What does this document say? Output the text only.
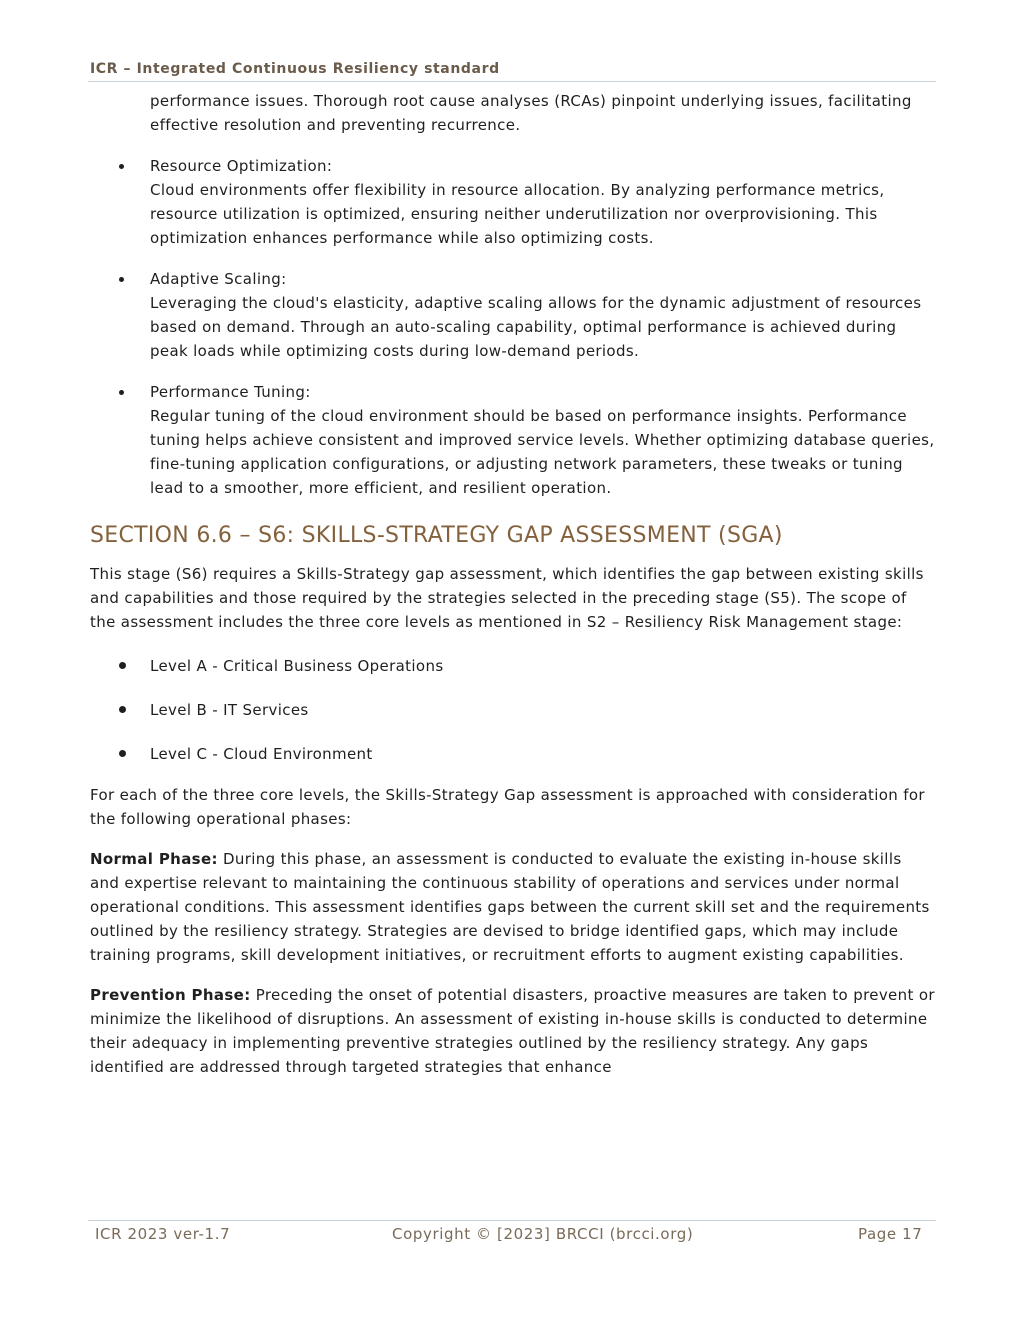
ICR – Integrated Continuous Resiliency standard

performance issues. Thorough root cause analyses (RCAs) pinpoint underlying issues, facilitating effective resolution and preventing recurrence.

Resource Optimization:
Cloud environments offer flexibility in resource allocation. By analyzing performance metrics, resource utilization is optimized, ensuring neither underutilization nor overprovisioning. This optimization enhances performance while also optimizing costs.
Adaptive Scaling:
Leveraging the cloud's elasticity, adaptive scaling allows for the dynamic adjustment of resources based on demand. Through an auto-scaling capability, optimal performance is achieved during peak loads while optimizing costs during low-demand periods.
Performance Tuning:
Regular tuning of the cloud environment should be based on performance insights. Performance tuning helps achieve consistent and improved service levels. Whether optimizing database queries, fine-tuning application configurations, or adjusting network parameters, these tweaks or tuning lead to a smoother, more efficient, and resilient operation.
SECTION 6.6 – S6: SKILLS-STRATEGY GAP ASSESSMENT (SGA)

This stage (S6) requires a Skills-Strategy gap assessment, which identifies the gap between existing skills and capabilities and those required by the strategies selected in the preceding stage (S5). The scope of the assessment includes the three core levels as mentioned in S2 – Resiliency Risk Management stage:

Level A - Critical Business Operations
Level B - IT Services
Level C - Cloud Environment

For each of the three core levels, the Skills-Strategy Gap assessment is approached with consideration for the following operational phases:

Normal Phase: During this phase, an assessment is conducted to evaluate the existing in-house skills and expertise relevant to maintaining the continuous stability of operations and services under normal operational conditions. This assessment identifies gaps between the current skill set and the requirements outlined by the resiliency strategy. Strategies are devised to bridge identified gaps, which may include training programs, skill development initiatives, or recruitment efforts to augment existing capabilities.

Prevention Phase: Preceding the onset of potential disasters, proactive measures are taken to prevent or minimize the likelihood of disruptions. An assessment of existing in-house skills is conducted to determine their adequacy in implementing preventive strategies outlined by the resiliency strategy. Any gaps identified are addressed through targeted strategies that enhance

ICR 2023 ver-1.7	Copyright © [2023] BRCCI (brcci.org)	Page 17
